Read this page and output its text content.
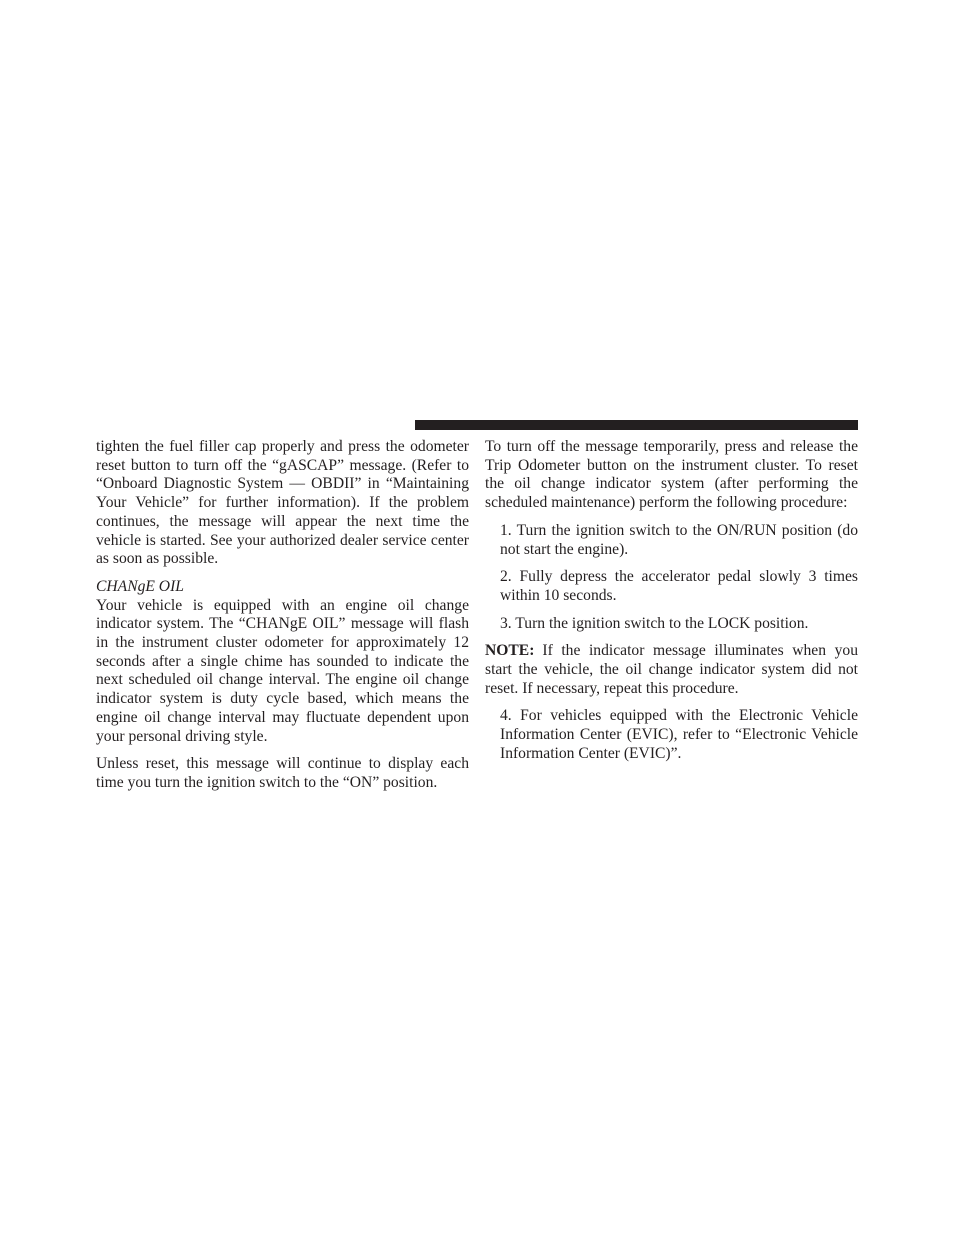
tighten the fuel filler cap properly and press the odometer reset button to turn off the “gASCAP” message. (Refer to “Onboard Diagnostic System — OBDII” in “Maintaining Your Vehicle” for further information). If the problem continues, the message will appear the next time the vehicle is started. See your authorized dealer service center as soon as possible.

CHANgE OIL

Your vehicle is equipped with an engine oil change indicator system. The “CHANgE OIL” message will flash in the instrument cluster odometer for approximately 12 seconds after a single chime has sounded to indicate the next scheduled oil change interval. The engine oil change indicator system is duty cycle based, which means the engine oil change interval may fluctuate dependent upon your personal driving style.

Unless reset, this message will continue to display each time you turn the ignition switch to the “ON” position.

To turn off the message temporarily, press and release the Trip Odometer button on the instrument cluster. To reset the oil change indicator system (after performing the scheduled maintenance) perform the following procedure:

1. Turn the ignition switch to the ON/RUN position (do not start the engine).

2. Fully depress the accelerator pedal slowly 3 times within 10 seconds.

3. Turn the ignition switch to the LOCK position.

NOTE: If the indicator message illuminates when you start the vehicle, the oil change indicator system did not reset. If necessary, repeat this procedure.

4. For vehicles equipped with the Electronic Vehicle Information Center (EVIC), refer to “Electronic Vehicle Information Center (EVIC)”.
